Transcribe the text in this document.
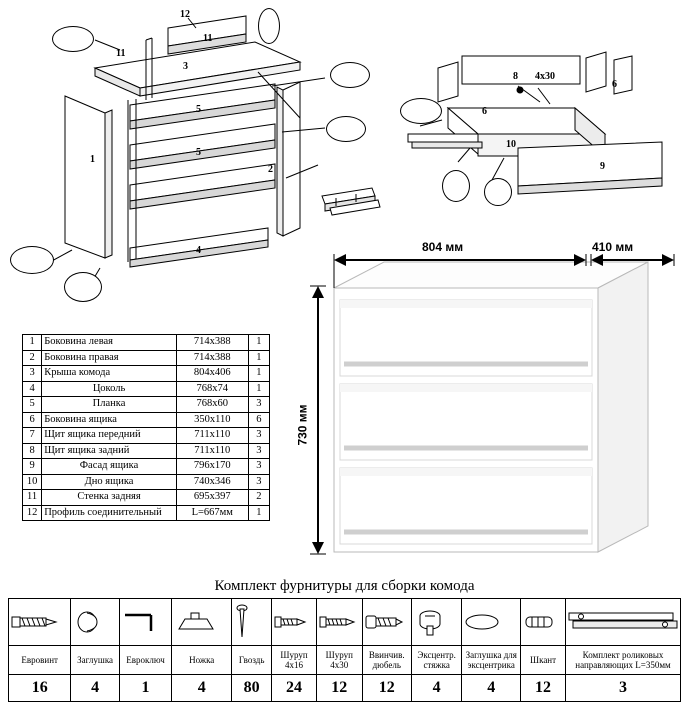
12
11
11
3
5
5
1
2
4
8 4x30
6
6
10
9
1	Боковина левая	714х388	1
2	Боковина правая	714х388	1
3	Крыша комода	804х406	1
4	Цоколь	768х74	1
5	Планка	768х60	3
6	Боковина ящика	350х110	6
7	Щит ящика передний	711х110	3
8	Щит ящика задний	711х110	3
9	Фасад ящика	796х170	3
10	Дно ящика	740х346	3
11	Стенка задняя	695х397	2
12	Профиль соединительный	L=667мм	1
804 мм	410 мм
730 мм
Комплект фурнитуры для сборки комода

Евровинт	Заглушка	Евроключ	Ножка	Гвоздь	Шуруп 4х16	Шуруп 4х30	Ввинчив. дюбель	Эксцентр. стяжка	Заглушка для эксцентрика	Шкант	Комплект роликовых направляющих L=350мм
16	4	1	4	80	24	12	12	4	4	12	3
